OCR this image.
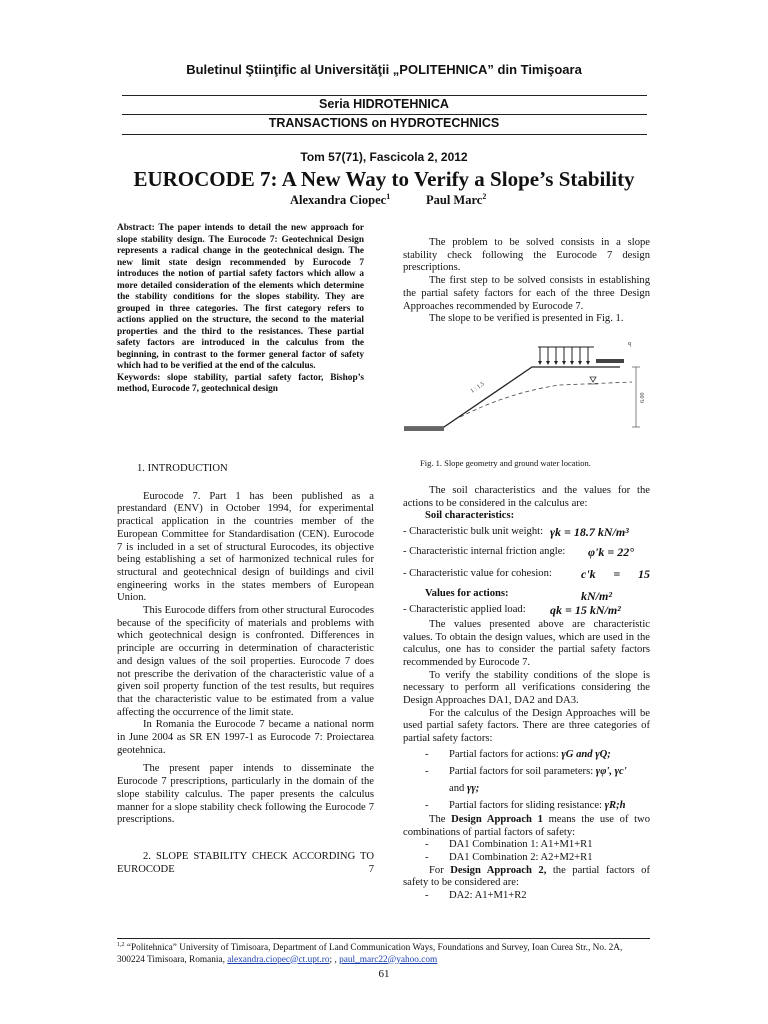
Buletinul Ştiinţific al Universităţii „POLITEHNICA” din Timişoara
Seria HIDROTEHNICA
TRANSACTIONS on HYDROTECHNICS
Tom 57(71), Fascicola 2, 2012
EUROCODE 7: A New Way to Verify a Slope’s Stability
Alexandra Ciopec$^1$	Paul Marc$^2$
Abstract: The paper intends to detail the new approach for slope stability design. The Eurocode 7: Geotechnical Design represents a radical change in the geotechnical design. The new limit state design recommended by Eurocode 7 introduces the notion of partial safety factors which allow a more detailed consideration of the elements which determine the stability conditions for the slopes stability. They are grouped in three categories. The first category refers to actions applied on the structure, the second to the material properties and the third to the resistances. These partial safety factors are introduced in the calculus from the beginning, in contrast to the former general factor of safety which had to be verified at the end of the calculus.
Keywords: slope stability, partial safety factor, Bishop’s method, Eurocode 7, geotechnical design
1. INTRODUCTION

Eurocode 7. Part 1 has been published as a prestandard (ENV) in October 1994, for experimental practical application in the countries member of the European Committee for Standardisation (CEN). Eurocode 7 is included in a set of structural Eurocodes, its objective being establishing a set of harmonized technical rules for structural and geotechnical design of buildings and civil engineering works in the states members of European Union.

This Eurocode differs from other structural Eurocodes because of the specificity of materials and problems with which geotechnical design is confronted. Differences in principle are occurring in determination of characteristic and design values of the soil properties. Eurocode 7 does not prescribe the derivation of the characteristic value of a given soil property function of the test results, but requires that the characteristic value to be estimated from a value affecting the occurrence of the limit state.

In Romania the Eurocode 7 became a national norm in June 2004 as SR EN 1997-1 as Eurocode 7: Proiectarea geotehnica.

The present paper intends to disseminate the Eurocode 7 prescriptions, particularly in the domain of the slope stability calculus. The paper presents the calculus manner for a slope stability check following the Eurocode 7 prescriptions.

2. SLOPE STABILITY CHECK ACCORDING TO EUROCODE 7

The problem to be solved consists in a slope stability check following the Eurocode 7 design prescriptions.

The first step to be solved consists in establishing the partial safety factors for each of the three Design Approaches recommended by Eurocode 7.

The slope to be verified is presented in Fig. 1.

q
1 : 1.5
6.00
Fig. 1. Slope geometry and ground water location.

The soil characteristics and the values for the actions to be considered in the calculus are:

Soil characteristics:
- Characteristic bulk unit weight: γk = 18.7 kN/m³
- Characteristic internal friction angle: φ'k = 22°
- Characteristic value for cohesion: c'k = 15 kN/m²
Values for actions:
- Characteristic applied load: qk = 15 kN/m²

The values presented above are characteristic values. To obtain the design values, which are used in the calculus, one has to consider the partial safety factors recommended by Eurocode 7.

To verify the stability conditions of the slope is necessary to perform all verifications considering the Design Approaches DA1, DA2 and DA3.

For the calculus of the Design Approaches will be used partial safety factors. There are three categories of partial safety factors:

- Partial factors for actions: γG and γQ;
- Partial factors for soil parameters: γφ', γc'
and γγ;
- Partial factors for sliding resistance: γR;h

The Design Approach 1 means the use of two combinations of partial factors of safety:

- DA1 Combination 1: A1+M1+R1
- DA1 Combination 2: A2+M2+R1

For Design Approach 2, the partial factors of safety to be considered are:

- DA2: A1+M1+R2
$^{1,2}$ “Politehnica” University of Timisoara, Department of Land Communication Ways, Foundations and Survey, Ioan Curea Str., No. 2A, 300224 Timisoara, Romania, alexandra.ciopec@ct.upt.ro; , paul_marc22@yahoo.com
61
